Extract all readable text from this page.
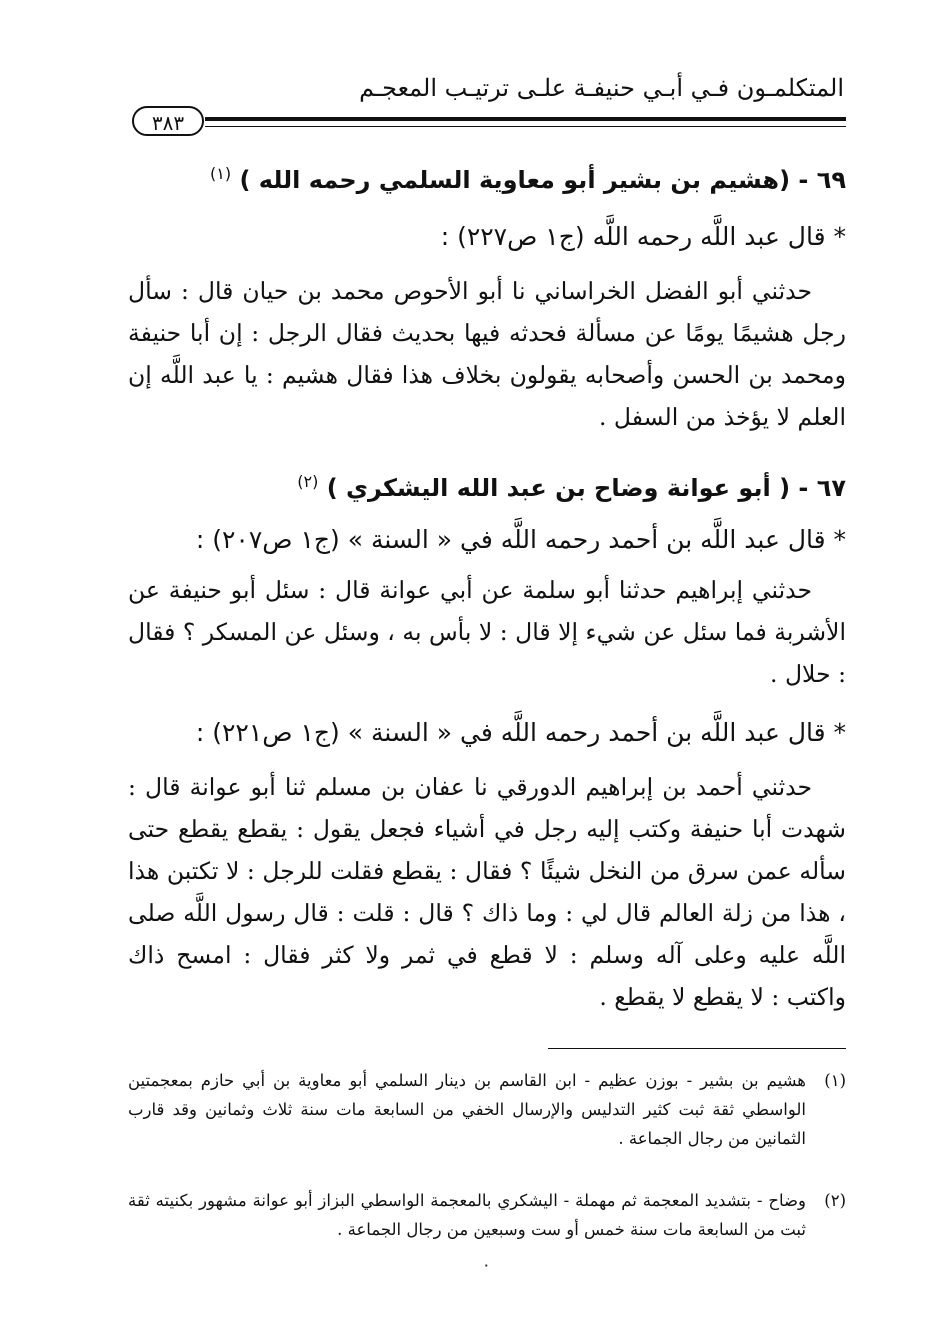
المتكلمـون فـي أبـي حنيفـة علـى ترتيـب المعجـم
٣٨٣
٦٩ - (هشيم بن بشير أبو معاوية السلمي رحمه الله ) $^{(١)}$
* قال عبد اللَّه رحمه اللَّه (ج١ ص٢٢٧) :
حدثني أبو الفضل الخراساني نا أبو الأحوص محمد بن حيان قال : سأل رجل هشيمًا يومًا عن مسألة فحدثه فيها بحديث فقال الرجل : إن أبا حنيفة ومحمد بن الحسن وأصحابه يقولون بخلاف هذا فقال هشيم : يا عبد اللَّه إن العلم لا يؤخذ من السفل .
٦٧ - ( أبو عوانة وضاح بن عبد الله اليشكري ) $^{(٢)}$
* قال عبد اللَّه بن أحمد رحمه اللَّه في « السنة » (ج١ ص٢٠٧) :
حدثني إبراهيم حدثنا أبو سلمة عن أبي عوانة قال : سئل أبو حنيفة عن الأشربة فما سئل عن شيء إلا قال : لا بأس به ، وسئل عن المسكر ؟ فقال : حلال .
* قال عبد اللَّه بن أحمد رحمه اللَّه في « السنة » (ج١ ص٢٢١) :
حدثني أحمد بن إبراهيم الدورقي نا عفان بن مسلم ثنا أبو عوانة قال : شهدت أبا حنيفة وكتب إليه رجل في أشياء فجعل يقول : يقطع يقطع حتى سأله عمن سرق من النخل شيئًا ؟ فقال : يقطع فقلت للرجل : لا تكتبن هذا ، هذا من زلة العالم قال لي : وما ذاك ؟ قال : قلت : قال رسول اللَّه صلى اللَّه عليه وعلى آله وسلم : لا قطع في ثمر ولا كثر فقال : امسح ذاك واكتب : لا يقطع لا يقطع .
(١)
هشيم بن بشير - بوزن عظيم - ابن القاسم بن دينار السلمي أبو معاوية بن أبي حازم بمعجمتين الواسطي ثقة ثبت كثير التدليس والإرسال الخفي من السابعة مات سنة ثلاث وثمانين وقد قارب الثمانين من رجال الجماعة .
(٢)
وضاح - بتشديد المعجمة ثم مهملة - اليشكري بالمعجمة الواسطي البزاز أبو عوانة مشهور بكنيته ثقة ثبت من السابعة مات سنة خمس أو ست وسبعين من رجال الجماعة .
٠
